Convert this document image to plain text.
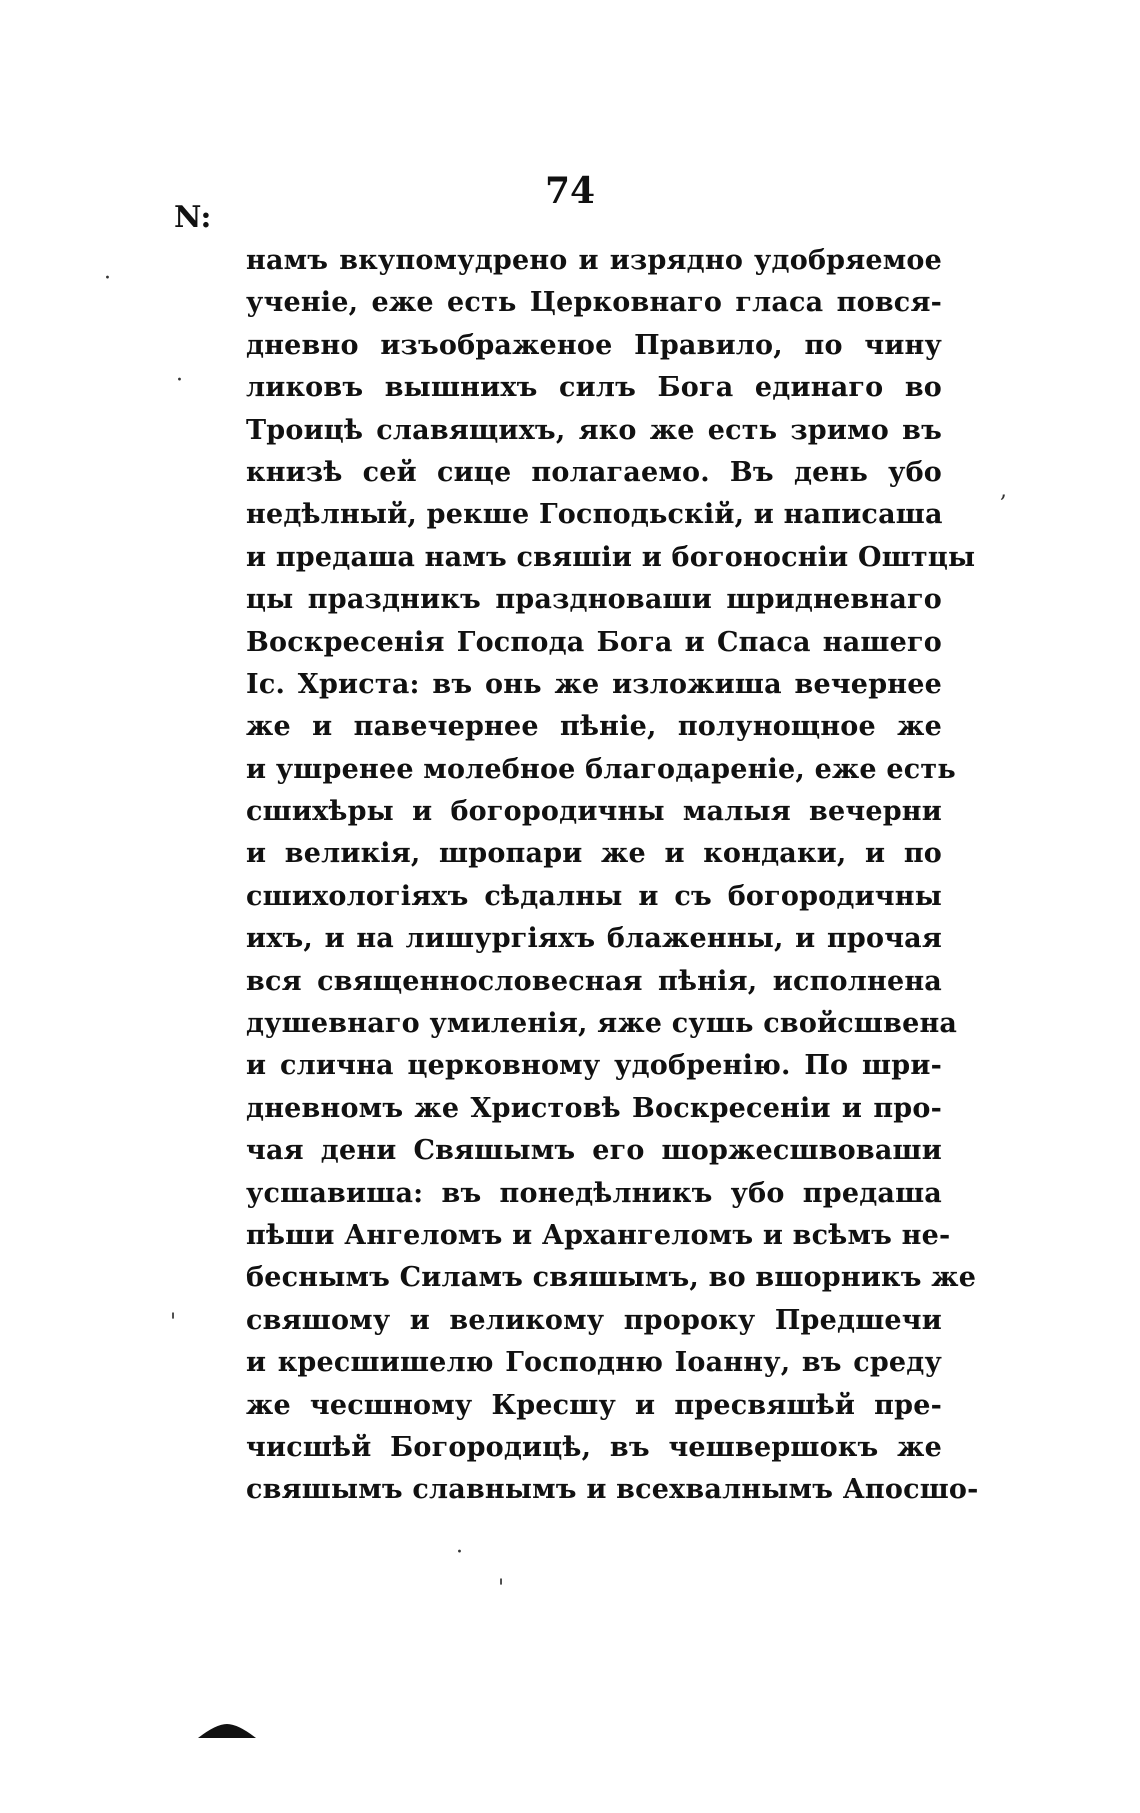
74
N:
намъ вкупомудрено и изрядно удобряемое
ученіе, еже есть Церковнаго гласа повся-
дневно изъображеное Правило, по чину
ликовъ вышнихъ силъ Бога единаго во
Троицѣ славящихъ, яко же есть зримо въ
книзѣ сей сице полагаемо. Въ день убо
недѣлный, рекше Господьскій, и написаша
и предаша намъ свяшіи и богоносніи Оштцы
цы праздникъ праздноваши шридневнаго
Воскресенія Господа Бога и Спаса нашего
Іс. Христа: въ онь же изложиша вечернее
же и павечернее пѣніе, полунощное же
и ушренее молебное благодареніе, еже есть
сшихѣры и богородичны малыя вечерни
и великія, шропари же и кондаки, и по
сшихологіяхъ сѣдалны и съ богородичны
ихъ, и на лишургіяхъ блаженны, и прочая
вся священнословесная пѣнія, исполнена
душевнаго умиленія, яже сушь свойсшвена
и слична церковному удобренію. По шри-
дневномъ же Христовѣ Воскресеніи и про-
чая дени Свяшымъ его шоржесшвоваши
усшавиша: въ понедѣлникъ убо предаша
пѣши Ангеломъ и Архангеломъ и всѣмъ не-
беснымъ Силамъ свяшымъ, во вшорникъ же
свяшому и великому пророку Предшечи
и кресшишелю Господню Іоанну, въ среду
же чесшному Кресшу и пресвяшѣй пре-
чисшѣй Богородицѣ, въ чешвершокъ же
свяшымъ славнымъ и всехвалнымъ Апосшо-
·
·
,
'
·
'
